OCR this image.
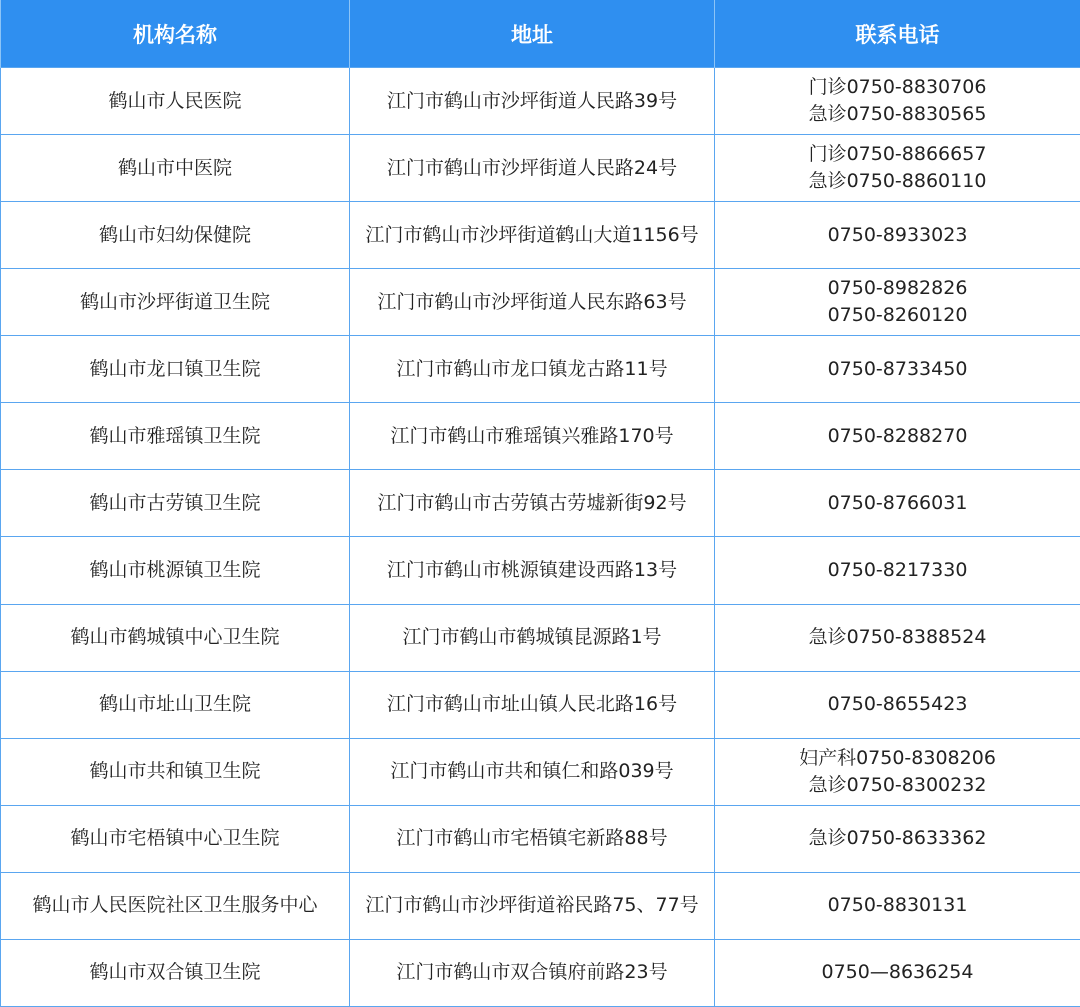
机构名称	地址	联系电话
鹤山市人民医院	江门市鹤山市沙坪街道人民路39号	门诊0750-8830706
急诊0750-8830565

鹤山市中医院	江门市鹤山市沙坪街道人民路24号	门诊0750-8866657
急诊0750-8860110

鹤山市妇幼保健院	江门市鹤山市沙坪街道鹤山大道1156号	0750-8933023

鹤山市沙坪街道卫生院	江门市鹤山市沙坪街道人民东路63号	0750-8982826
0750-8260120

鹤山市龙口镇卫生院	江门市鹤山市龙口镇龙古路11号	0750-8733450

鹤山市雅瑶镇卫生院	江门市鹤山市雅瑶镇兴雅路170号	0750-8288270

鹤山市古劳镇卫生院	江门市鹤山市古劳镇古劳墟新街92号	0750-8766031

鹤山市桃源镇卫生院	江门市鹤山市桃源镇建设西路13号	0750-8217330

鹤山市鹤城镇中心卫生院	江门市鹤山市鹤城镇昆源路1号	急诊0750-8388524

鹤山市址山卫生院	江门市鹤山市址山镇人民北路16号	0750-8655423

鹤山市共和镇卫生院	江门市鹤山市共和镇仁和路039号	妇产科0750-8308206
急诊0750-8300232

鹤山市宅梧镇中心卫生院	江门市鹤山市宅梧镇宅新路88号	急诊0750-8633362

鹤山市人民医院社区卫生服务中心	江门市鹤山市沙坪街道裕民路75、77号	0750-8830131

鹤山市双合镇卫生院	江门市鹤山市双合镇府前路23号	0750—8636254
